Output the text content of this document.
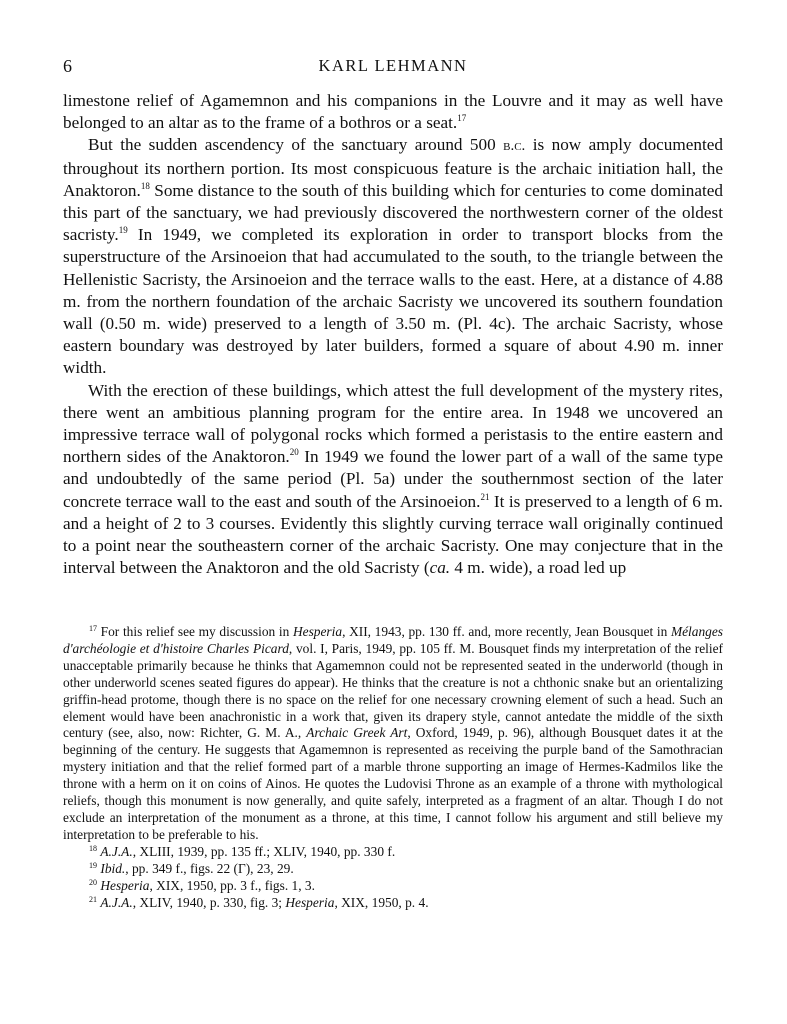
6	KARL LEHMANN

limestone relief of Agamemnon and his companions in the Louvre and it may as well have belonged to an altar as to the frame of a bothros or a seat.$^{17}$

But the sudden ascendency of the sanctuary around 500 b.c. is now amply documented throughout its northern portion. Its most conspicuous feature is the archaic initiation hall, the Anaktoron.$^{18}$ Some distance to the south of this building which for centuries to come dominated this part of the sanctuary, we had previously discovered the northwestern corner of the oldest sacristy.$^{19}$ In 1949, we completed its exploration in order to transport blocks from the superstructure of the Arsinoeion that had accumulated to the south, to the triangle between the Hellenistic Sacristy, the Arsinoeion and the terrace walls to the east. Here, at a distance of 4.88 m. from the northern foundation of the archaic Sacristy we uncovered its southern foundation wall (0.50 m. wide) preserved to a length of 3.50 m. (Pl. 4c). The archaic Sacristy, whose eastern boundary was destroyed by later builders, formed a square of about 4.90 m. inner width.

With the erection of these buildings, which attest the full development of the mystery rites, there went an ambitious planning program for the entire area. In 1948 we uncovered an impressive terrace wall of polygonal rocks which formed a peristasis to the entire eastern and northern sides of the Anaktoron.$^{20}$ In 1949 we found the lower part of a wall of the same type and undoubtedly of the same period (Pl. 5a) under the southernmost section of the later concrete terrace wall to the east and south of the Arsinoeion.$^{21}$ It is preserved to a length of 6 m. and a height of 2 to 3 courses. Evidently this slightly curving terrace wall originally continued to a point near the southeastern corner of the archaic Sacristy. One may conjecture that in the interval between the Anaktoron and the old Sacristy (ca. 4 m. wide), a road led up

$^{17}$ For this relief see my discussion in Hesperia, XII, 1943, pp. 130 ff. and, more recently, Jean Bousquet in Mélanges d'archéologie et d'histoire Charles Picard, vol. I, Paris, 1949, pp. 105 ff. M. Bousquet finds my interpretation of the relief unacceptable primarily because he thinks that Agamemnon could not be represented seated in the underworld (though in other underworld scenes seated figures do appear). He thinks that the creature is not a chthonic snake but an orientalizing griffin-head protome, though there is no space on the relief for one necessary crowning element of such a head. Such an element would have been anachronistic in a work that, given its drapery style, cannot antedate the middle of the sixth century (see, also, now: Richter, G. M. A., Archaic Greek Art, Oxford, 1949, p. 96), although Bousquet dates it at the beginning of the century. He suggests that Agamemnon is represented as receiving the purple band of the Samothracian mystery initiation and that the relief formed part of a marble throne supporting an image of Hermes-Kadmilos like the throne with a herm on it on coins of Ainos. He quotes the Ludovisi Throne as an example of a throne with mythological reliefs, though this monument is now generally, and quite safely, interpreted as a fragment of an altar. Though I do not exclude an interpretation of the monument as a throne, at this time, I cannot follow his argument and still believe my interpretation to be preferable to his.

$^{18}$ A.J.A., XLIII, 1939, pp. 135 ff.; XLIV, 1940, pp. 330 f.

$^{19}$ Ibid., pp. 349 f., figs. 22 (Γ), 23, 29.

$^{20}$ Hesperia, XIX, 1950, pp. 3 f., figs. 1, 3.

$^{21}$ A.J.A., XLIV, 1940, p. 330, fig. 3; Hesperia, XIX, 1950, p. 4.
